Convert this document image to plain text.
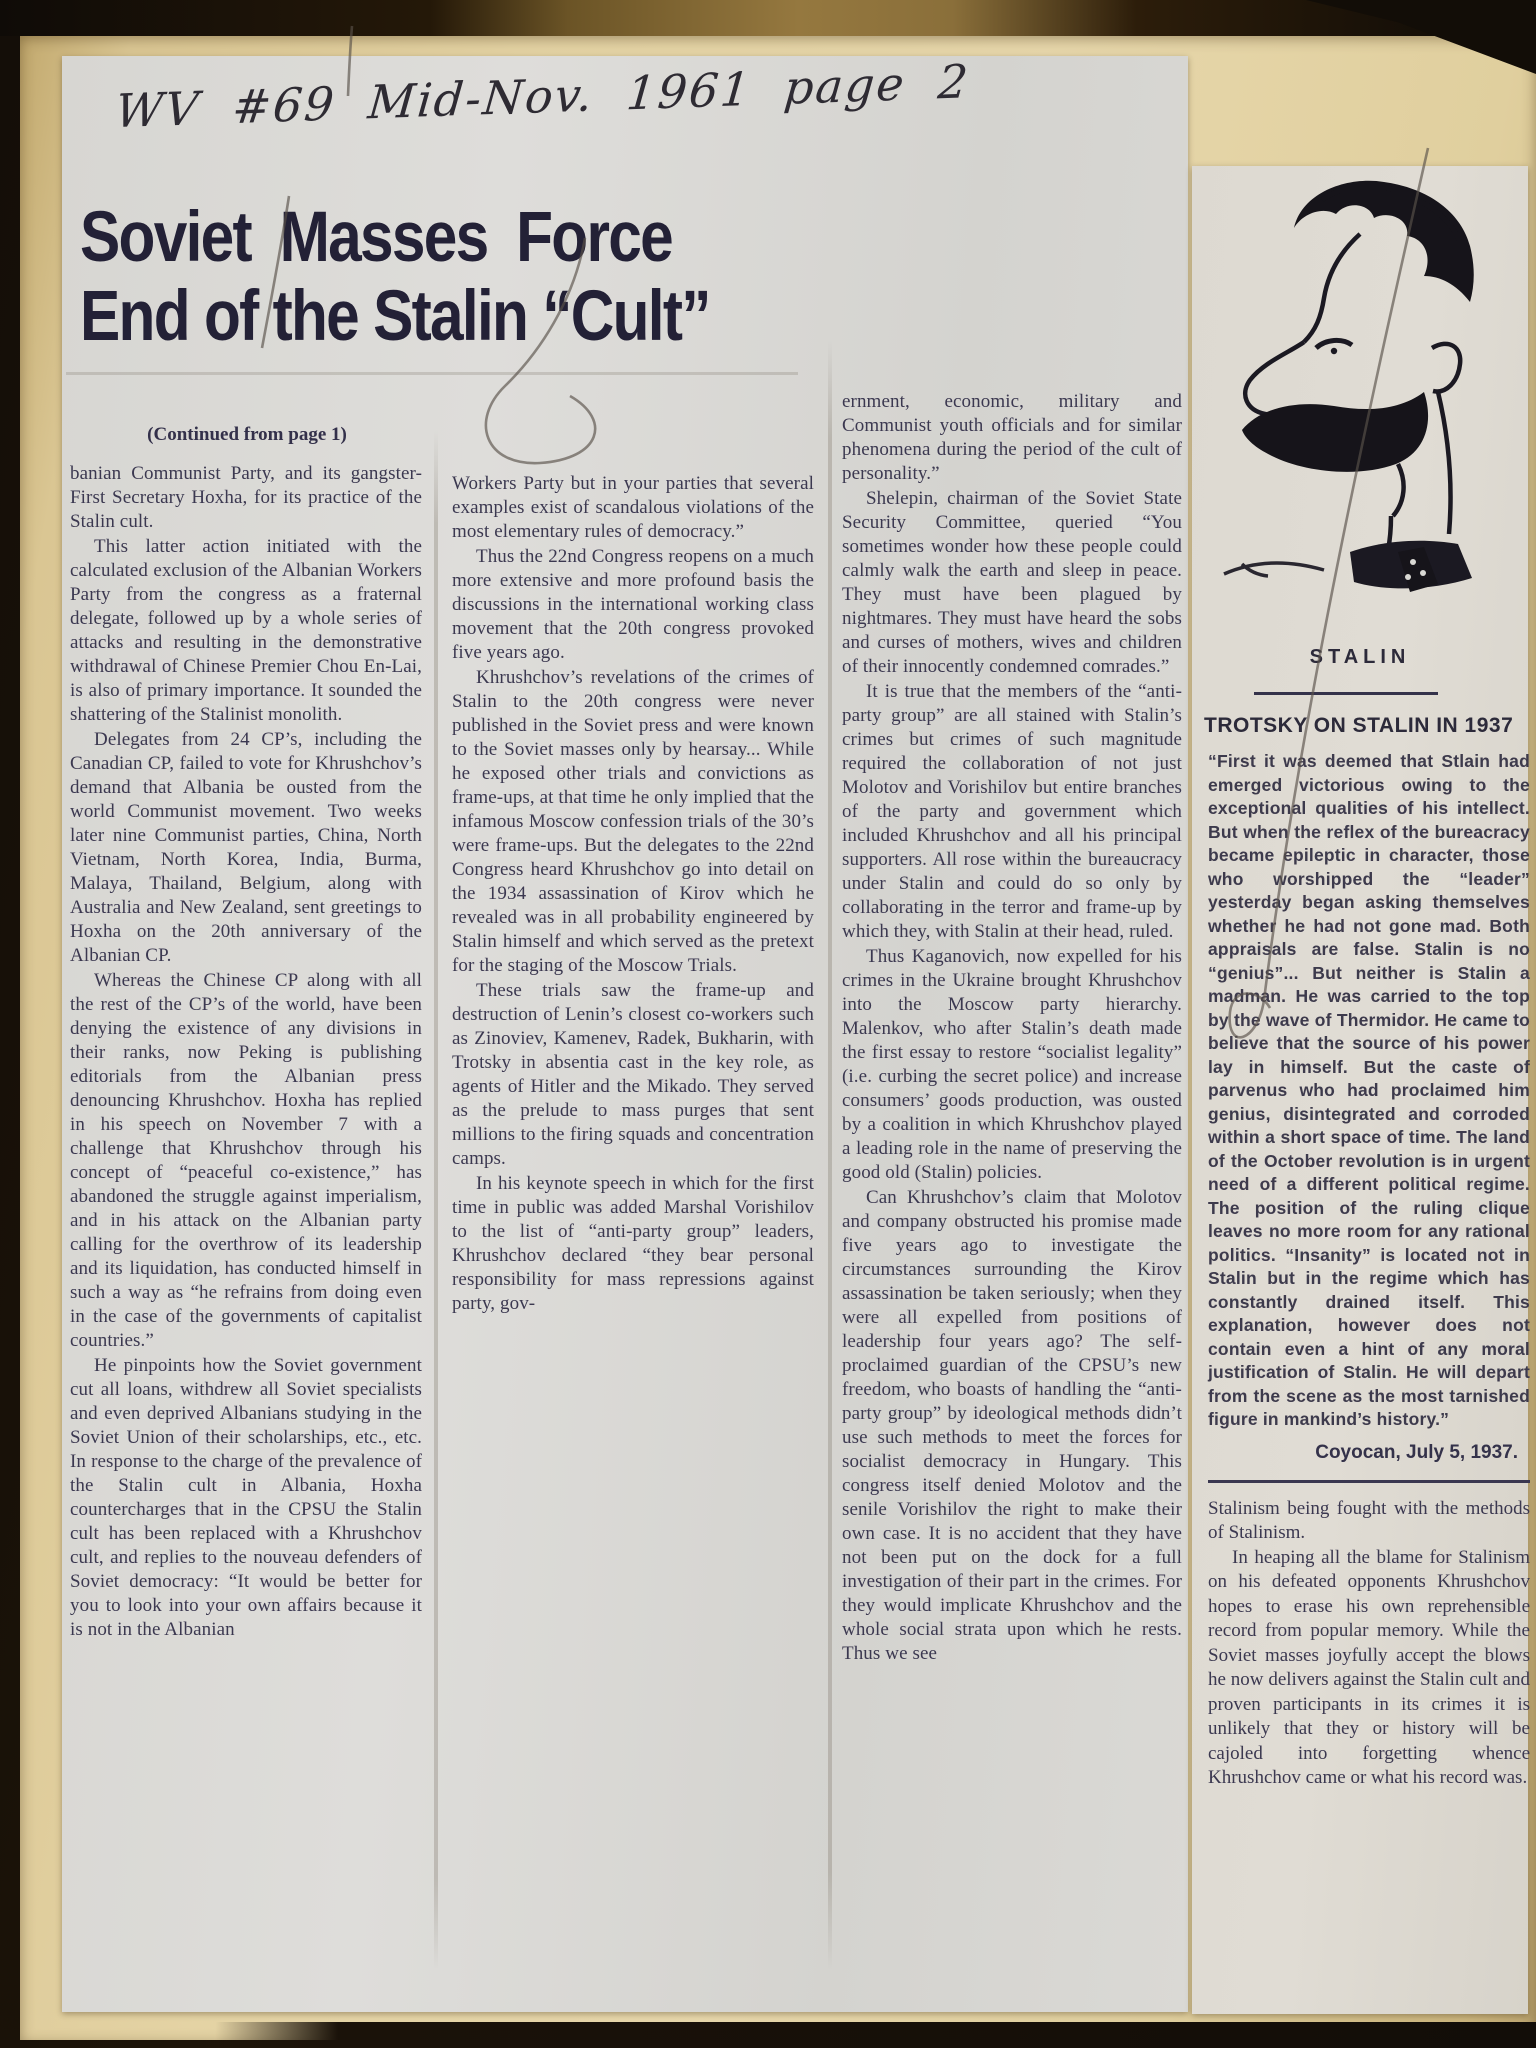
WV #69 Mid-Nov. 1961 page 2
Soviet Masses Force
End of the Stalin “Cult”
(Continued from page 1)

banian Communist Party, and its gangster-First Secretary Hoxha, for its practice of the Stalin cult.

This latter action initiated with the calculated exclusion of the Albanian Workers Party from the congress as a fraternal delegate, followed up by a whole series of attacks and resulting in the demonstrative withdrawal of Chinese Premier Chou En-Lai, is also of primary importance. It sounded the shattering of the Stalinist monolith.

Delegates from 24 CP’s, including the Canadian CP, failed to vote for Khrushchov’s demand that Albania be ousted from the world Communist movement. Two weeks later nine Communist parties, China, North Vietnam, North Korea, India, Burma, Malaya, Thailand, Belgium, along with Australia and New Zealand, sent greetings to Hoxha on the 20th anniversary of the Albanian CP.

Whereas the Chinese CP along with all the rest of the CP’s of the world, have been denying the existence of any divisions in their ranks, now Peking is publishing editorials from the Albanian press denouncing Khrushchov. Hoxha has replied in his speech on November 7 with a challenge that Khrushchov through his concept of “peaceful co-existence,” has abandoned the struggle against imperialism, and in his attack on the Albanian party calling for the overthrow of its leadership and its liquidation, has conducted himself in such a way as “he refrains from doing even in the case of the governments of capitalist countries.”

He pinpoints how the Soviet government cut all loans, withdrew all Soviet specialists and even deprived Albanians studying in the Soviet Union of their scholarships, etc., etc. In response to the charge of the prevalence of the Stalin cult in Albania, Hoxha countercharges that in the CPSU the Stalin cult has been replaced with a Khrushchov cult, and replies to the nouveau defenders of Soviet democracy: “It would be better for you to look into your own affairs because it is not in the Albanian

Workers Party but in your parties that several examples exist of scandalous violations of the most elementary rules of democracy.”

Thus the 22nd Congress reopens on a much more extensive and more profound basis the discussions in the international working class movement that the 20th congress provoked five years ago.

Khrushchov’s revelations of the crimes of Stalin to the 20th congress were never published in the Soviet press and were known to the Soviet masses only by hearsay... While he exposed other trials and convictions as frame-ups, at that time he only implied that the infamous Moscow confession trials of the 30’s were frame-ups. But the delegates to the 22nd Congress heard Khrushchov go into detail on the 1934 assassination of Kirov which he revealed was in all probability engineered by Stalin himself and which served as the pretext for the staging of the Moscow Trials.

These trials saw the frame-up and destruction of Lenin’s closest co-workers such as Zinoviev, Kamenev, Radek, Bukharin, with Trotsky in absentia cast in the key role, as agents of Hitler and the Mikado. They served as the prelude to mass purges that sent millions to the firing squads and concentration camps.

In his keynote speech in which for the first time in public was added Marshal Vorishilov to the list of “anti-party group” leaders, Khrushchov declared “they bear personal responsibility for mass repressions against party, gov-

ernment, economic, military and Communist youth officials and for similar phenomena during the period of the cult of personality.”

Shelepin, chairman of the Soviet State Security Committee, queried “You sometimes wonder how these people could calmly walk the earth and sleep in peace. They must have been plagued by nightmares. They must have heard the sobs and curses of mothers, wives and children of their innocently condemned comrades.”

It is true that the members of the “anti-party group” are all stained with Stalin’s crimes but crimes of such magnitude required the collaboration of not just Molotov and Vorishilov but entire branches of the party and government which included Khrushchov and all his principal supporters. All rose within the bureaucracy under Stalin and could do so only by collaborating in the terror and frame-up by which they, with Stalin at their head, ruled.

Thus Kaganovich, now expelled for his crimes in the Ukraine brought Khrushchov into the Moscow party hierarchy. Malenkov, who after Stalin’s death made the first essay to restore “socialist legality” (i.e. curbing the secret police) and increase consumers’ goods production, was ousted by a coalition in which Khrushchov played a leading role in the name of preserving the good old (Stalin) policies.

Can Khrushchov’s claim that Molotov and company obstructed his promise made five years ago to investigate the circumstances surrounding the Kirov assassination be taken seriously; when they were all expelled from positions of leadership four years ago? The self-proclaimed guardian of the CPSU’s new freedom, who boasts of handling the “anti-party group” by ideological methods didn’t use such methods to meet the forces for socialist democracy in Hungary. This congress itself denied Molotov and the senile Vorishilov the right to make their own case. It is no accident that they have not been put on the dock for a full investigation of their part in the crimes. For they would implicate Khrushchov and the whole social strata upon which he rests. Thus we see

STALIN
TROTSKY ON STALIN IN 1937

“First it was deemed that Stlain had emerged victorious owing to the exceptional qualities of his intellect. But when the reflex of the bureacracy became epileptic in character, those who worshipped the “leader” yesterday began asking themselves whether he had not gone mad. Both appraisals are false. Stalin is no “genius”... But neither is Stalin a madman. He was carried to the top by the wave of Thermidor. He came to believe that the source of his power lay in himself. But the caste of parvenus who had proclaimed him genius, disintegrated and corroded within a short space of time. The land of the October revolution is in urgent need of a different political regime. The position of the ruling clique leaves no more room for any rational politics. “Insanity” is located not in Stalin but in the regime which has constantly drained itself. This explanation, however does not contain even a hint of any moral justification of Stalin. He will depart from the scene as the most tarnished figure in mankind’s history.”

Coyocan, July 5, 1937.

Stalinism being fought with the methods of Stalinism.

In heaping all the blame for Stalinism on his defeated opponents Khrushchov hopes to erase his own reprehensible record from popular memory. While the Soviet masses joyfully accept the blows he now delivers against the Stalin cult and proven participants in its crimes it is unlikely that they or history will be cajoled into forgetting whence Khrushchov came or what his record was.
